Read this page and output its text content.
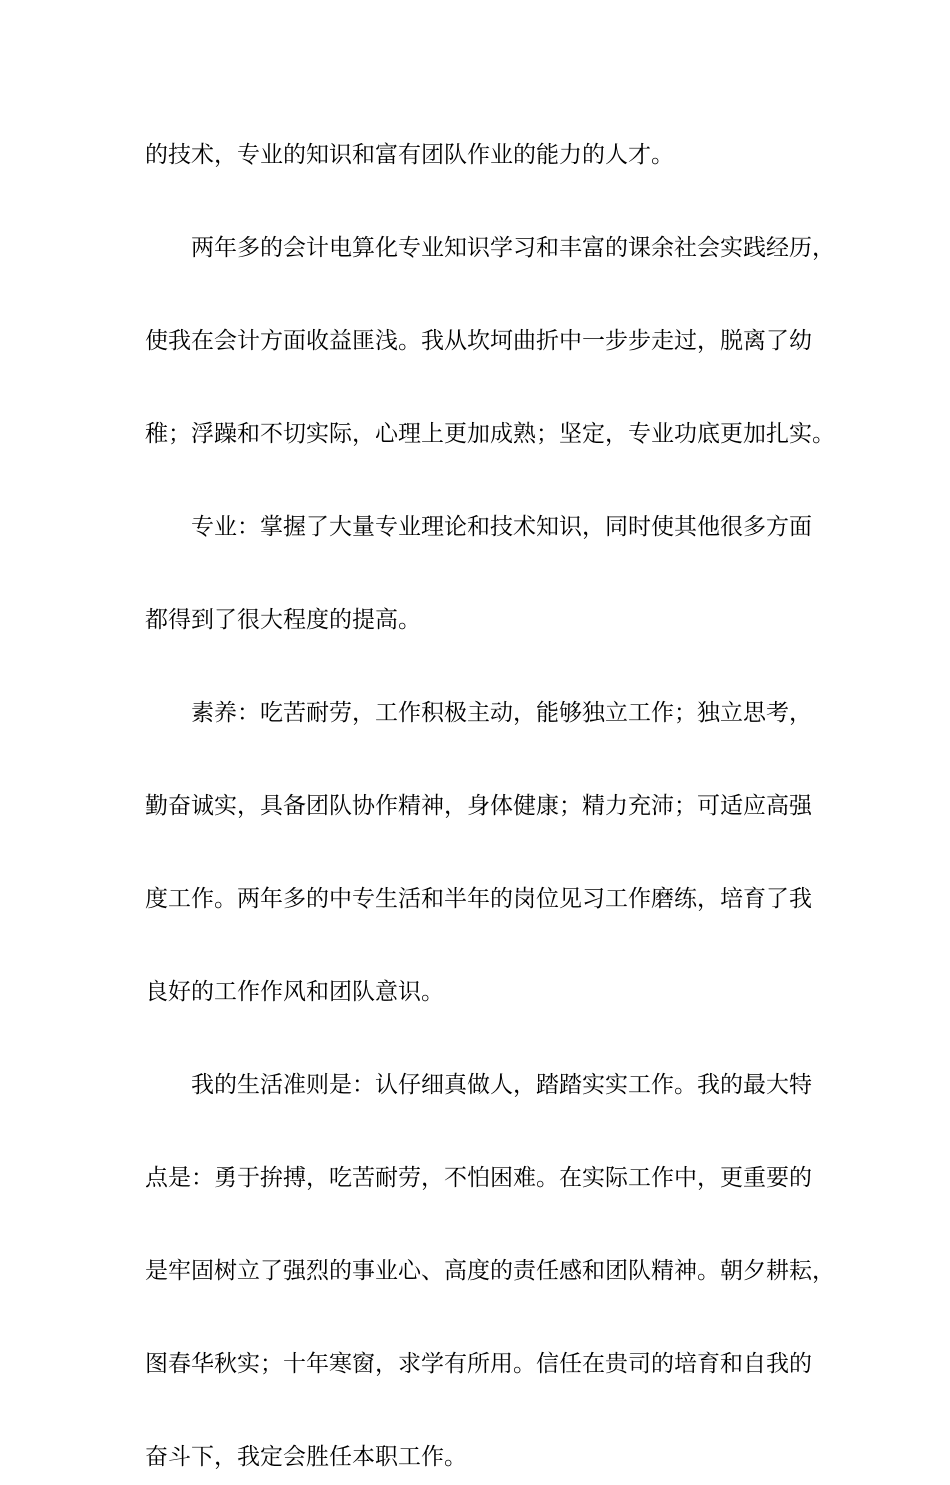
的技术，专业的知识和富有团队作业的能力的人才。
两年多的会计电算化专业知识学习和丰富的课余社会实践经历，
使我在会计方面收益匪浅。我从坎坷曲折中一步步走过，脱离了幼
稚；浮躁和不切实际，心理上更加成熟；坚定，专业功底更加扎实。
专业：掌握了大量专业理论和技术知识，同时使其他很多方面
都得到了很大程度的提高。
素养：吃苦耐劳，工作积极主动，能够独立工作；独立思考，
勤奋诚实，具备团队协作精神，身体健康；精力充沛；可适应高强
度工作。两年多的中专生活和半年的岗位见习工作磨练，培育了我
良好的工作作风和团队意识。
我的生活准则是：认仔细真做人，踏踏实实工作。我的最大特
点是：勇于拚搏，吃苦耐劳，不怕困难。在实际工作中，更重要的
是牢固树立了强烈的事业心、高度的责任感和团队精神。朝夕耕耘，
图春华秋实；十年寒窗，求学有所用。信任在贵司的培育和自我的
奋斗下，我定会胜任本职工作。
